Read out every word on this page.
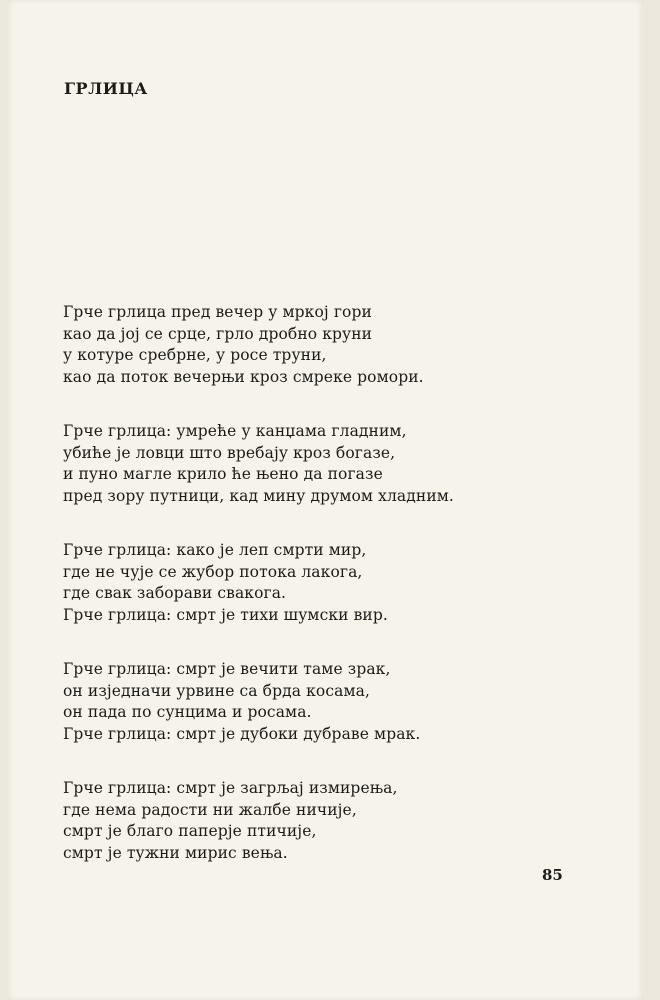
ГРЛИЦА
Грче грлица пред вечер у мркој гори
као да јој се срце, грло дробно круни
у котуре сребрне, у росе труни,
као да поток вечерњи кроз смреке ромори.
Грче грлица: умреће у канџама гладним,
убиће је ловци што вребају кроз богазе,
и пуно магле крило ће њено да погазе
пред зору путници, кад мину друмом хладним.
Грче грлица: како је леп смрти мир,
где не чује се жубор потока лакога,
где свак заборави свакога.
Грче грлица: смрт је тихи шумски вир.
Грче грлица: смрт је вечити таме зрак,
он изједначи урвине са брда косама,
он пада по сунцима и росама.
Грче грлица: смрт је дубоки дубраве мрак.
Грче грлица: смрт је загрљај измирења,
где нема радости ни жалбе ничије,
смрт је благо паперје птичије,
смрт је тужни мирис вења.
85
